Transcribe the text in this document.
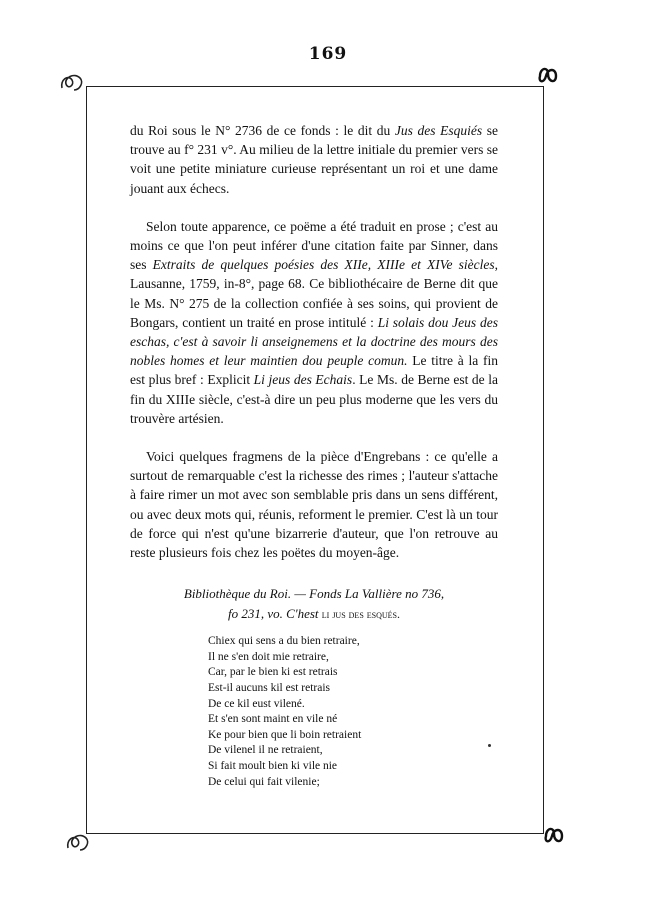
169

du Roi sous le N° 2736 de ce fonds : le dit du Jus des Esquiés se trouve au f° 231 v°. Au milieu de la lettre initiale du premier vers se voit une petite miniature curieuse représentant un roi et une dame jouant aux échecs.

Selon toute apparence, ce poëme a été traduit en prose ; c'est au moins ce que l'on peut inférer d'une citation faite par Sinner, dans ses Extraits de quelques poésies des XIIe, XIIIe et XIVe siècles, Lausanne, 1759, in-8°, page 68. Ce bibliothécaire de Berne dit que le Ms. N° 275 de la collection confiée à ses soins, qui provient de Bongars, contient un traité en prose intitulé : Li solais dou Jeus des eschas, c'est à savoir li anseignemens et la doctrine des mours des nobles homes et leur maintien dou peuple comun. Le titre à la fin est plus bref : Explicit Li jeus des Echais. Le Ms. de Berne est de la fin du XIIIe siècle, c'est-à dire un peu plus moderne que les vers du trouvère artésien.

Voici quelques fragmens de la pièce d'Engrebans : ce qu'elle a surtout de remarquable c'est la richesse des rimes ; l'auteur s'attache à faire rimer un mot avec son semblable pris dans un sens différent, ou avec deux mots qui, réunis, reforment le premier. C'est là un tour de force qui n'est qu'une bizarrerie d'auteur, que l'on retrouve au reste plusieurs fois chez les poëtes du moyen-âge.

Bibliothèque du Roi. — Fonds La Vallière no 736,
fo 231, vo. C'hest li jus des esqués.

Chiex qui sens a du bien retraire,
Il ne s'en doit mie retraire,
Car, par le bien ki est retrais
Est-il aucuns kil est retrais
De ce kil eust vilené.
Et s'en sont maint en vile né
Ke pour bien que li boin retraient
De vilenel il ne retraient,
Si fait moult bien ki vile nie
De celui qui fait vilenie;
